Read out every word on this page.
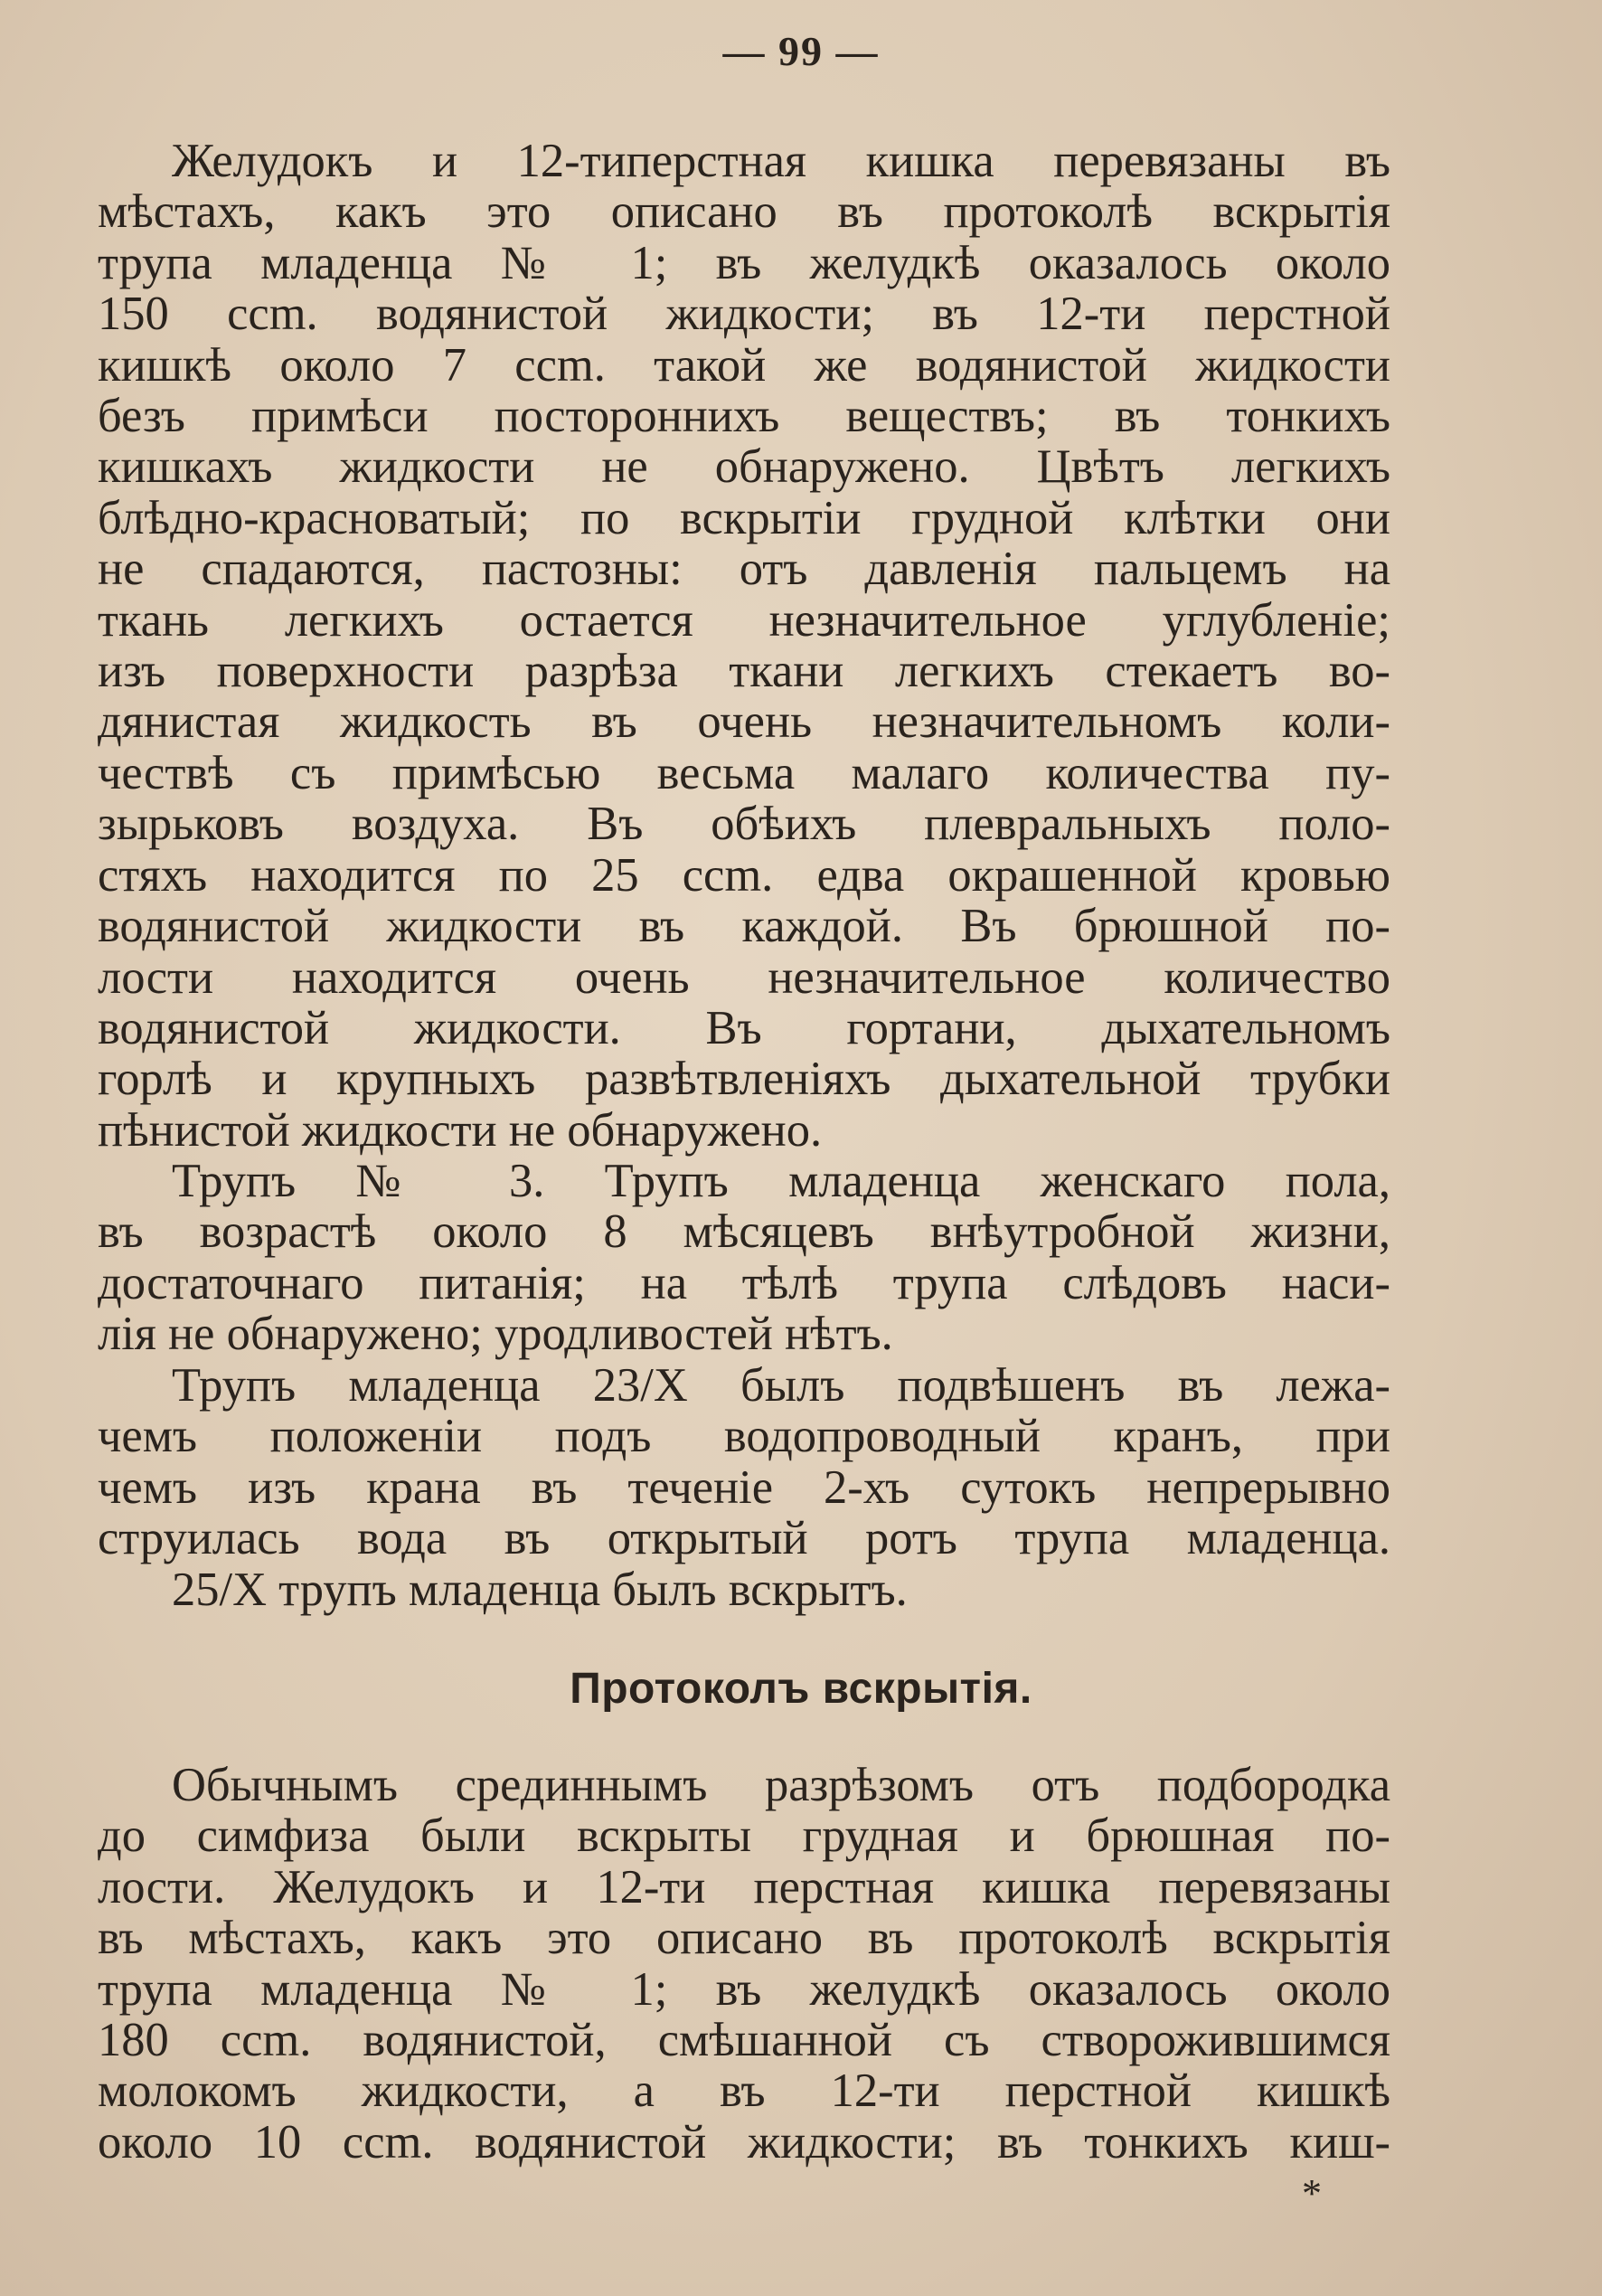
— 99 —
Желудокъ и 12-типерстная кишка перевязаны въ
мѣстахъ, какъ это описано въ протоколѣ вскрытія
трупа младенца № 1; въ желудкѣ оказалось около
150 ccm. водянистой жидкости; въ 12-ти перстной
кишкѣ около 7 ccm. такой же водянистой жидкости
безъ примѣси постороннихъ веществъ; въ тонкихъ
кишкахъ жидкости не обнаружено. Цвѣтъ легкихъ
блѣдно-красноватый; по вскрытіи грудной клѣтки они
не спадаются, пастозны: отъ давленія пальцемъ на
ткань легкихъ остается незначительное углубленіе;
изъ поверхности разрѣза ткани легкихъ стекаетъ во-
дянистая жидкость въ очень незначительномъ коли-
чествѣ съ примѣсью весьма малаго количества пу-
зырьковъ воздуха. Въ обѣихъ плевральныхъ поло-
стяхъ находится по 25 ccm. едва окрашенной кровью
водянистой жидкости въ каждой. Въ брюшной по-
лости находится очень незначительное количество
водянистой жидкости. Въ гортани, дыхательномъ
горлѣ и крупныхъ развѣтвленіяхъ дыхательной трубки
пѣнистой жидкости не обнаружено.
Трупъ № 3. Трупъ младенца женскаго пола,
въ возрастѣ около 8 мѣсяцевъ внѣутробной жизни,
достаточнаго питанія; на тѣлѣ трупа слѣдовъ наси-
лія не обнаружено; уродливостей нѣтъ.
Трупъ младенца 23/X былъ подвѣшенъ въ лежа-
чемъ положеніи подъ водопроводный кранъ, при
чемъ изъ крана въ теченіе 2-хъ сутокъ непрерывно
струилась вода въ открытый ротъ трупа младенца.
25/X трупъ младенца былъ вскрытъ.
Протоколъ вскрытія.
Обычнымъ срединнымъ разрѣзомъ отъ подбородка
до симфиза были вскрыты грудная и брюшная по-
лости. Желудокъ и 12-ти перстная кишка перевязаны
въ мѣстахъ, какъ это описано въ протоколѣ вскрытія
трупа младенца № 1; въ желудкѣ оказалось около
180 ccm. водянистой, смѣшанной съ створожившимся
молокомъ жидкости, а въ 12-ти перстной кишкѣ
около 10 ccm. водянистой жидкости; въ тонкихъ киш-
*
